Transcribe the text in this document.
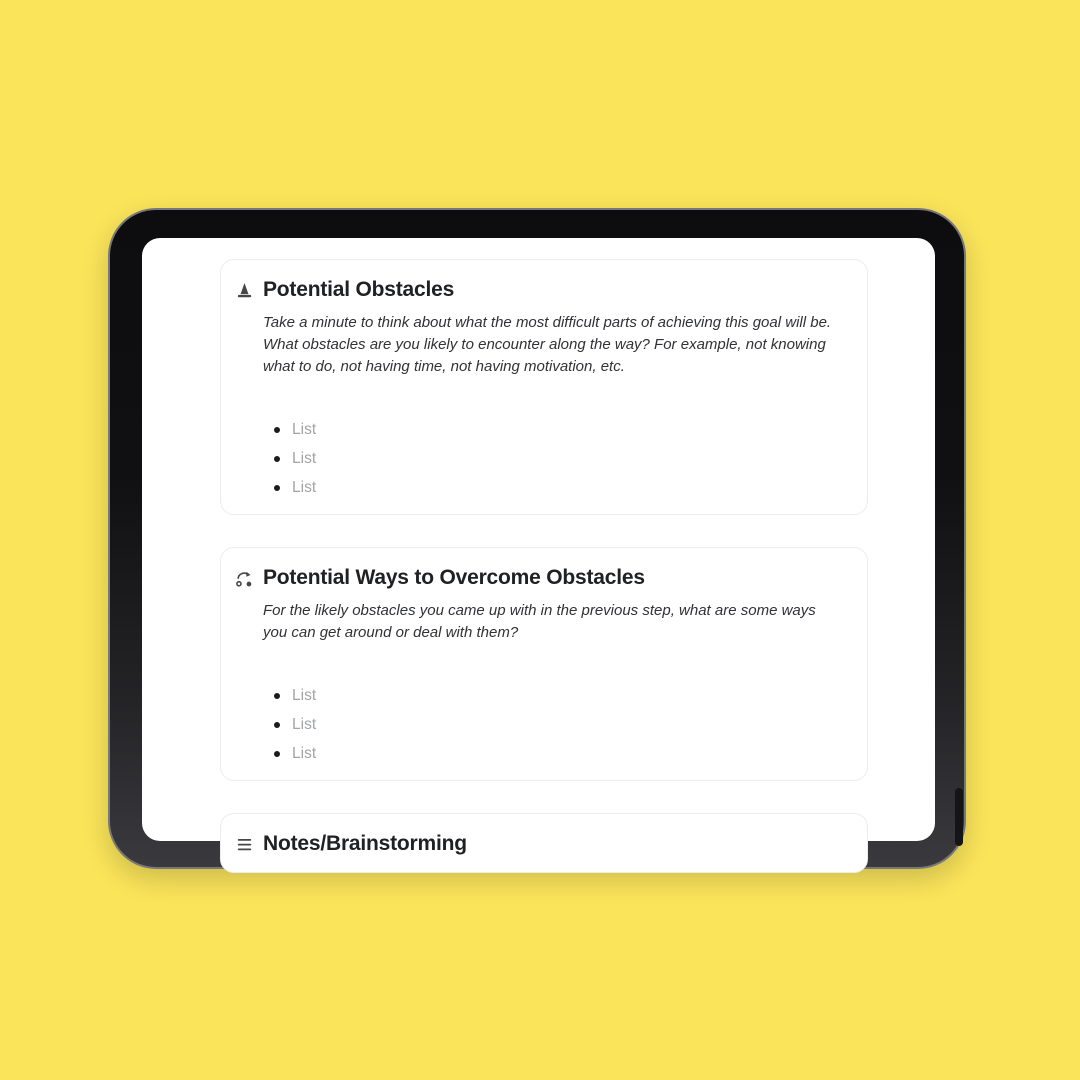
Potential Obstacles

Take a minute to think about what the most difficult parts of achieving this goal will be. What obstacles are you likely to encounter along the way? For example, not knowing what to do, not having time, not having motivation, etc.

List
List
List
Potential Ways to Overcome Obstacles

For the likely obstacles you came up with in the previous step, what are some ways you can get around or deal with them?

List
List
List
Notes/Brainstorming
